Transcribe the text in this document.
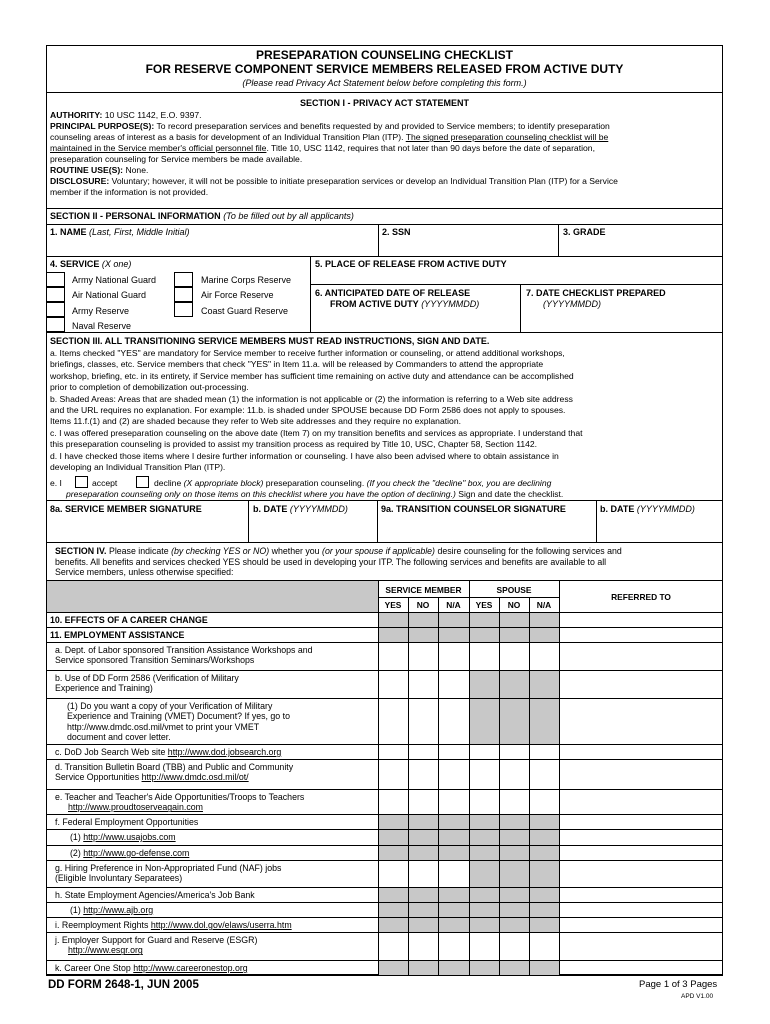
PRESEPARATION COUNSELING CHECKLIST
FOR RESERVE COMPONENT SERVICE MEMBERS RELEASED FROM ACTIVE DUTY
(Please read Privacy Act Statement below before completing this form.)
SECTION I - PRIVACY ACT STATEMENT
AUTHORITY: 10 USC 1142, E.O. 9397.
PRINCIPAL PURPOSE(S): To record preseparation services and benefits requested by and provided to Service members; to identify preseparation
counseling areas of interest as a basis for development of an Individual Transition Plan (ITP). The signed preseparation counseling checklist will be
maintained in the Service member's official personnel file. Title 10, USC 1142, requires that not later than 90 days before the date of separation,
preseparation counseling for Service members be made available.
ROUTINE USE(S): None.
DISCLOSURE: Voluntary; however, it will not be possible to initiate preseparation services or develop an Individual Transition Plan (ITP) for a Service
member if the information is not provided.
SECTION II - PERSONAL INFORMATION (To be filled out by all applicants)
1. NAME (Last, First, Middle Initial)	2. SSN	3. GRADE
4. SERVICE (X one)
Army National Guard
Air National Guard
Army Reserve
Naval Reserve
Marine Corps Reserve
Air Force Reserve
Coast Guard Reserve
5. PLACE OF RELEASE FROM ACTIVE DUTY
6. ANTICIPATED DATE OF RELEASE
FROM ACTIVE DUTY (YYYYMMDD)
7. DATE CHECKLIST PREPARED
(YYYYMMDD)
SECTION III. ALL TRANSITIONING SERVICE MEMBERS MUST READ INSTRUCTIONS, SIGN AND DATE.
a. Items checked "YES" are mandatory for Service member to receive further information or counseling, or attend additional workshops,
briefings, classes, etc. Service members that check "YES" in Item 11.a. will be released by Commanders to attend the appropriate
workshop, briefing, etc. in its entirety, if Service member has sufficient time remaining on active duty and attendance can be accomplished
prior to completion of demobilization out-processing.
b. Shaded Areas: Areas that are shaded mean (1) the information is not applicable or (2) the information is referring to a Web site address
and the URL requires no explanation. For example: 11.b. is shaded under SPOUSE because DD Form 2586 does not apply to spouses.
Items 11.f.(1) and (2) are shaded because they refer to Web site addresses and they require no explanation.
c. I was offered preseparation counseling on the above date (Item 7) on my transition benefits and services as appropriate. I understand that
this preseparation counseling is provided to assist my transition process as required by Title 10, USC, Chapter 58, Section 1142.
d. I have checked those items where I desire further information or counseling. I have also been advised where to obtain assistance in
developing an Individual Transition Plan (ITP).
e. I	accept	decline (X appropriate block) preseparation counseling. (If you check the "decline" box, you are declining
preseparation counseling only on those items on this checklist where you have the option of declining.) Sign and date the checklist.
8a. SERVICE MEMBER SIGNATURE	b. DATE (YYYYMMDD)	9a. TRANSITION COUNSELOR SIGNATURE	b. DATE (YYYYMMDD)
SECTION IV. Please indicate (by checking YES or NO) whether you (or your spouse if applicable) desire counseling for the following services and
benefits. All benefits and services checked YES should be used in developing your ITP. The following services and benefits are available to all
Service members, unless otherwise specified:
SERVICE MEMBER	SPOUSE
REFERRED TO
YES	NO	N/A	YES	NO	N/A
10. EFFECTS OF A CAREER CHANGE
11. EMPLOYMENT ASSISTANCE
a. Dept. of Labor sponsored Transition Assistance Workshops and
Service sponsored Transition Seminars/Workshops
b. Use of DD Form 2586 (Verification of Military
Experience and Training)
(1) Do you want a copy of your Verification of Military
Experience and Training (VMET) Document? If yes, go to
http://www.dmdc.osd.mil/vmet to print your VMET
document and cover letter.
c. DoD Job Search Web site http://www.dod.jobsearch.org
d. Transition Bulletin Board (TBB) and Public and Community
Service Opportunities http://www.dmdc.osd.mil/ot/
e. Teacher and Teacher's Aide Opportunities/Troops to Teachers
http://www.proudtoserveagain.com
f. Federal Employment Opportunities
(1) http://www.usajobs.com
(2) http://www.go-defense.com
g. Hiring Preference in Non-Appropriated Fund (NAF) jobs
(Eligible Involuntary Separatees)
h. State Employment Agencies/America's Job Bank
(1) http://www.ajb.org
i. Reemployment Rights http://www.dol.gov/elaws/userra.htm
j. Employer Support for Guard and Reserve (ESGR)
http://www.esgr.org
k. Career One Stop http://www.careeronestop.org
DD FORM 2648-1, JUN 2005	Page 1 of 3 Pages
APD V1.00
